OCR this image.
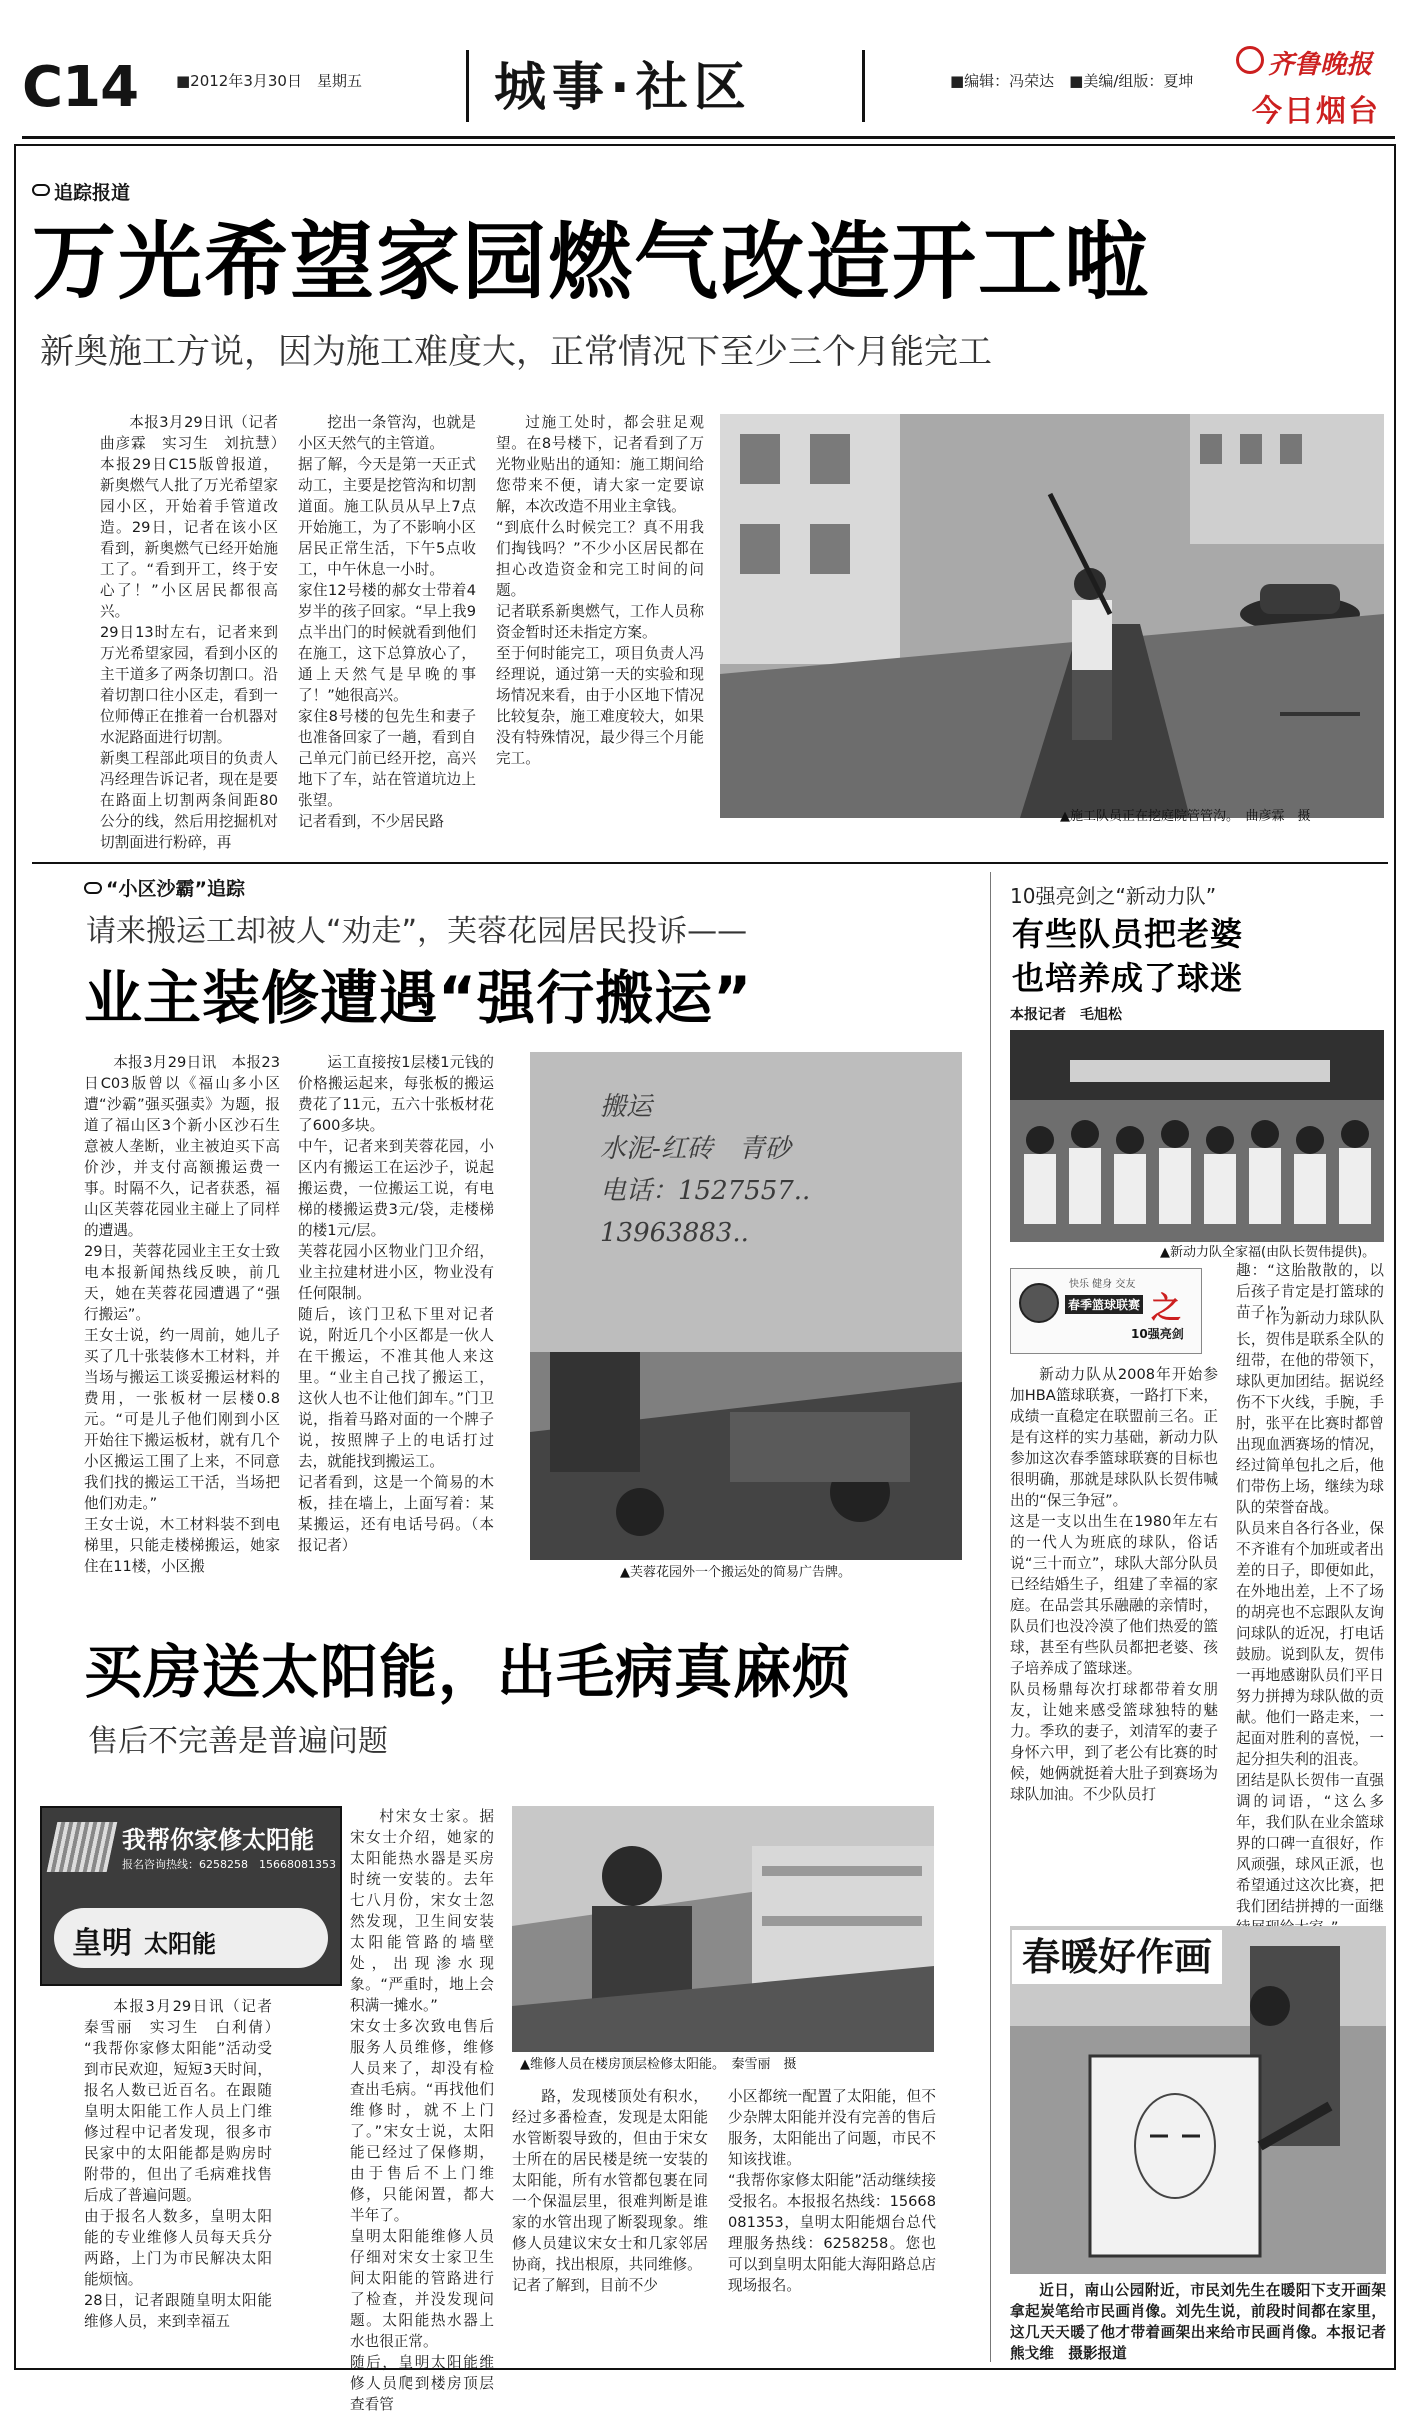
C14	■2012年3月30日　星期五	城事·社区	■编辑：冯荣达　■美编/组版：夏坤
齐鲁晚报
今日烟台
追踪报道
万光希望家园燃气改造开工啦
新奥施工方说，因为施工难度大，正常情况下至少三个月能完工
本报3月29日讯（记者　曲彦霖　实习生　刘抗慧）　本报29日C15版曾报道，新奥燃气人批了万光希望家园小区，开始着手管道改造。29日，记者在该小区看到，新奥燃气已经开始施工了。“看到开工，终于安心了！”小区居民都很高兴。
29日13时左右，记者来到万光希望家园，看到小区的主干道多了两条切割口。沿着切割口往小区走，看到一位师傅正在推着一台机器对水泥路面进行切割。
新奥工程部此项目的负责人冯经理告诉记者，现在是要在路面上切割两条间距80公分的线，然后用挖掘机对切割面进行粉碎，再
挖出一条管沟，也就是小区天然气的主管道。
据了解，今天是第一天正式动工，主要是挖管沟和切割道面。施工队员从早上7点开始施工，为了不影响小区居民正常生活，下午5点收工，中午休息一小时。
家住12号楼的郝女士带着4岁半的孩子回家。“早上我9点半出门的时候就看到他们在施工，这下总算放心了，通上天然气是早晚的事了！”她很高兴。
家住8号楼的包先生和妻子也准备回家了一趟，看到自己单元门前已经开挖，高兴地下了车，站在管道坑边上张望。
记者看到，不少居民路
过施工处时，都会驻足观望。在8号楼下，记者看到了万光物业贴出的通知：施工期间给您带来不便，请大家一定要谅解，本次改造不用业主拿钱。
“到底什么时候完工？真不用我们掏钱吗？”不少小区居民都在担心改造资金和完工时间的问题。
记者联系新奥燃气，工作人员称资金暂时还未指定方案。
至于何时能完工，项目负责人冯经理说，通过第一天的实验和现场情况来看，由于小区地下情况比较复杂，施工难度较大，如果没有特殊情况，最少得三个月能完工。
▲施工队员正在挖庭院管管沟。　曲彦霖　摄
“小区沙霸”追踪
请来搬运工却被人“劝走”，芙蓉花园居民投诉——
业主装修遭遇“强行搬运”
本报3月29日讯　本报23日C03版曾以《福山多小区遭“沙霸”强买强卖》为题，报道了福山区3个新小区沙石生意被人垄断，业主被迫买下高价沙，并支付高额搬运费一事。时隔不久，记者获悉，福山区芙蓉花园业主碰上了同样的遭遇。
29日，芙蓉花园业主王女士致电本报新闻热线反映，前几天，她在芙蓉花园遭遇了“强行搬运”。
王女士说，约一周前，她儿子买了几十张装修木工材料，并当场与搬运工谈妥搬运材料的费用，一张板材一层楼0.8元。“可是儿子他们刚到小区开始往下搬运板材，就有几个小区搬运工围了上来，不同意我们找的搬运工干活，当场把他们劝走。”
王女士说，木工材料装不到电梯里，只能走楼梯搬运，她家住在11楼，小区搬
运工直接按1层楼1元钱的价格搬运起来，每张板的搬运费花了11元，五六十张板材花了600多块。
中午，记者来到芙蓉花园，小区内有搬运工在运沙子，说起搬运费，一位搬运工说，有电梯的楼搬运费3元/袋，走楼梯的楼1元/层。
芙蓉花园小区物业门卫介绍，业主拉建材进小区，物业没有任何限制。
随后，该门卫私下里对记者说，附近几个小区都是一伙人在干搬运，不准其他人来这里。“业主自己找了搬运工，这伙人也不让他们卸车。”门卫说，指着马路对面的一个牌子说，按照牌子上的电话打过去，就能找到搬运工。
记者看到，这是一个简易的木板，挂在墙上，上面写着：某某搬运，还有电话号码。（本报记者）
搬运
水泥-红砖　青砂
电话：1527557..
13963883..
▲芙蓉花园外一个搬运处的简易广告牌。
买房送太阳能，出毛病真麻烦
售后不完善是普遍问题
我帮你家修太阳能
报名咨询热线：6258258　15668081353
皇明 太阳能
本报3月29日讯（记者　秦雪丽　实习生　白利倩）　“我帮你家修太阳能”活动受到市民欢迎，短短3天时间，报名人数已近百名。在跟随皇明太阳能工作人员上门维修过程中记者发现，很多市民家中的太阳能都是购房时附带的，但出了毛病难找售后成了普遍问题。
由于报名人数多，皇明太阳能的专业维修人员每天兵分两路，上门为市民解决太阳能烦恼。
28日，记者跟随皇明太阳能维修人员，来到幸福五
村宋女士家。据宋女士介绍，她家的太阳能热水器是买房时统一安装的。去年七八月份，宋女士忽然发现，卫生间安装太阳能管路的墙壁处，出现渗水现象。“严重时，地上会积满一摊水。”
宋女士多次致电售后服务人员维修，维修人员来了，却没有检查出毛病。“再找他们维修时，就不上门了。”宋女士说，太阳能已经过了保修期，由于售后不上门维修，只能闲置，都大半年了。
皇明太阳能维修人员仔细对宋女士家卫生间太阳能的管路进行了检查，并没发现问题。太阳能热水器上水也很正常。
随后，皇明太阳能维修人员爬到楼房顶层查看管
▲维修人员在楼房顶层检修太阳能。　秦雪丽　摄
路，发现楼顶处有积水，经过多番检查，发现是太阳能水管断裂导致的，但由于宋女士所在的居民楼是统一安装的太阳能，所有水管都包裹在同一个保温层里，很难判断是谁家的水管出现了断裂现象。维修人员建议宋女士和几家邻居协商，找出根原，共同维修。
记者了解到，目前不少
小区都统一配置了太阳能，但不少杂牌太阳能并没有完善的售后服务，太阳能出了问题，市民不知该找谁。
“我帮你家修太阳能”活动继续接受报名。本报报名热线：15668081353，皇明太阳能烟台总代理服务热线：6258258。您也可以到皇明太阳能大海阳路总店现场报名。
10强亮剑之“新动力队”
有些队员把老婆
也培养成了球迷
本报记者　毛旭松
▲新动力队全家福(由队长贺伟提供)。
快乐 健身 交友
春季篮球联赛 之
10强亮剑
趣：“这胎散散的，以后孩子肯定是打篮球的苗子！”
新动力队从2008年开始参加HBA篮球联赛，一路打下来，成绩一直稳定在联盟前三名。正是有这样的实力基础，新动力队参加这次春季篮球联赛的目标也很明确，那就是球队队长贺伟喊出的“保三争冠”。
这是一支以出生在1980年左右的一代人为班底的球队，俗话说“三十而立”，球队大部分队员已经结婚生子，组建了幸福的家庭。在品尝其乐融融的亲情时，队员们也没冷漠了他们热爱的篮球，甚至有些队员都把老婆、孩子培养成了篮球迷。
队员杨鼎每次打球都带着女朋友，让她来感受篮球独特的魅力。季玖的妻子，刘清军的妻子身怀六甲，到了老公有比赛的时候，她俩就挺着大肚子到赛场为球队加油。不少队员打
作为新动力球队队长，贺伟是联系全队的纽带，在他的带领下，球队更加团结。据说经伤不下火线，手腕，手肘，张平在比赛时都曾出现血洒赛场的情况，经过简单包扎之后，他们带伤上场，继续为球队的荣誉奋战。
队员来自各行各业，保不齐谁有个加班或者出差的日子，即便如此，在外地出差，上不了场的胡亮也不忘跟队友询问球队的近况，打电话鼓励。说到队友，贺伟一再地感谢队员们平日努力拼搏为球队做的贡献。他们一路走来，一起面对胜利的喜悦，一起分担失利的沮丧。
团结是队长贺伟一直强调的词语，“这么多年，我们队在业余篮球界的口碑一直很好，作风顽强，球风正派，也希望通过这次比赛，把我们团结拼搏的一面继
春暖好作画
近日，南山公园附近，市民刘先生在暖阳下支开画架拿起炭笔给市民画肖像。刘先生说，前段时间都在家里，这几天天暖了他才带着画架出来给市民画肖像。本报记者　熊戈维　摄影报道
